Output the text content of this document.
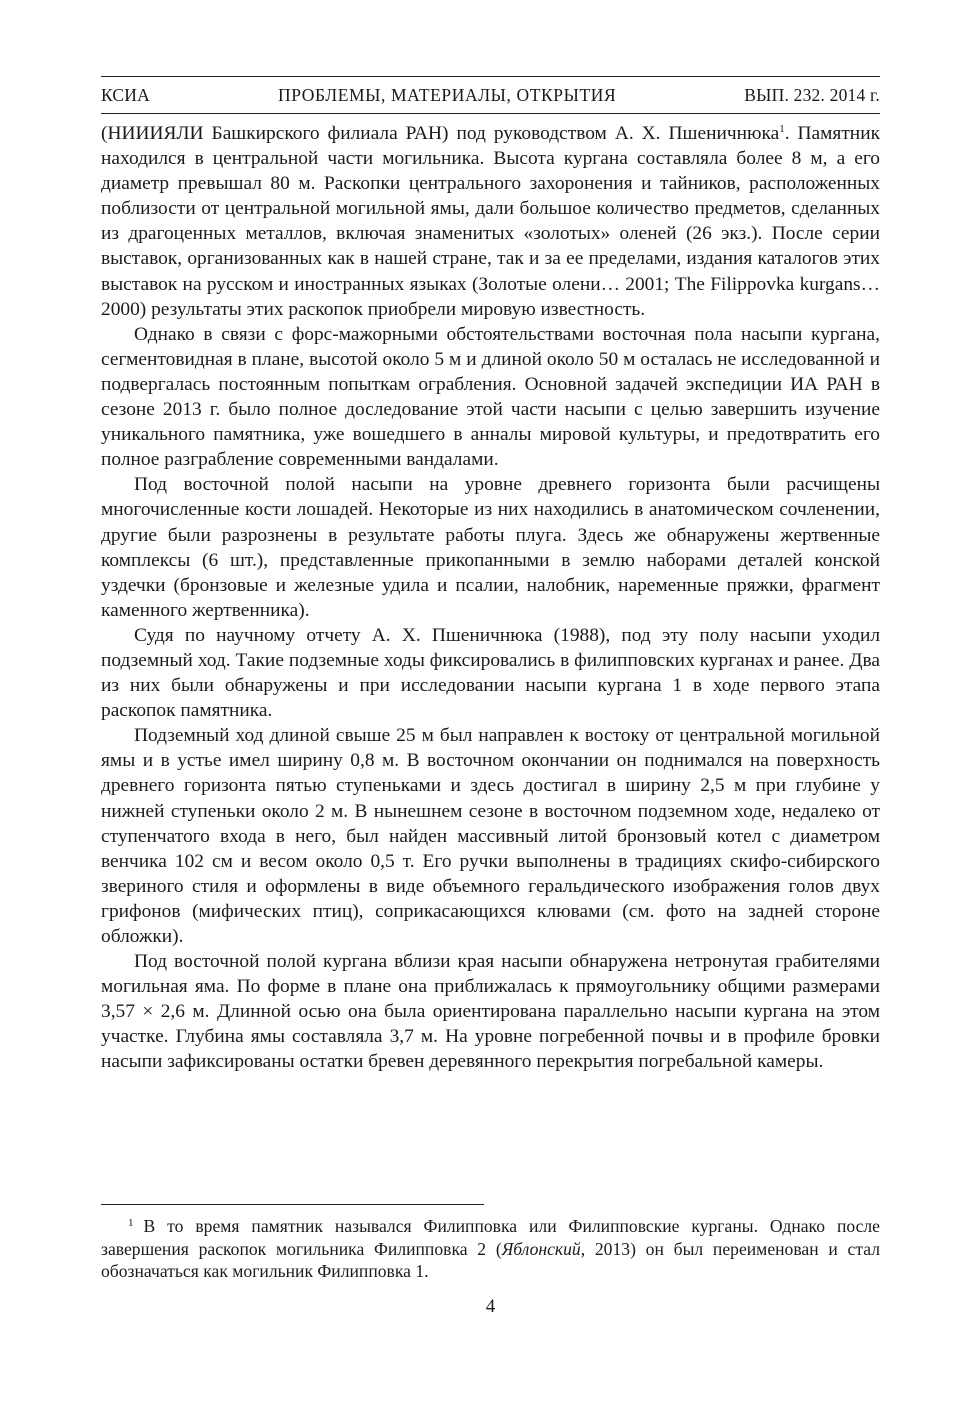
КСИА	ПРОБЛЕМЫ, МАТЕРИАЛЫ, ОТКРЫТИЯ	ВЫП. 232. 2014 г.

(НИИИЯЛИ Башкирского филиала РАН) под руководством А. Х. Пшеничнюка$^1$. Памятник находился в центральной части могильника. Высота кургана составляла более 8 м, а его диаметр превышал 80 м. Раскопки центрального захоронения и тайников, расположенных поблизости от центральной могильной ямы, дали большое количество предметов, сделанных из драгоценных металлов, включая знаменитых «золотых» оленей (26 экз.). После серии выставок, организованных как в нашей стране, так и за ее пределами, издания каталогов этих выставок на русском и иностранных языках (Золотые олени… 2001; The Filippovka kurgans… 2000) результаты этих раскопок приобрели мировую известность.

Однако в связи с форс-мажорными обстоятельствами восточная пола насыпи кургана, сегментовидная в плане, высотой около 5 м и длиной около 50 м осталась не исследованной и подвергалась постоянным попыткам ограбления. Основной задачей экспедиции ИА РАН в сезоне 2013 г. было полное доследование этой части насыпи с целью завершить изучение уникального памятника, уже вошедшего в анналы мировой культуры, и предотвратить его полное разграбление современными вандалами.

Под восточной полой насыпи на уровне древнего горизонта были расчищены многочисленные кости лошадей. Некоторые из них находились в анатомическом сочленении, другие были разрознены в результате работы плуга. Здесь же обнаружены жертвенные комплексы (6 шт.), представленные прикопанными в землю наборами деталей конской уздечки (бронзовые и железные удила и псалии, налобник, наременные пряжки, фрагмент каменного жертвенника).

Судя по научному отчету А. Х. Пшеничнюка (1988), под эту полу насыпи уходил подземный ход. Такие подземные ходы фиксировались в филипповских курганах и ранее. Два из них были обнаружены и при исследовании насыпи кургана 1 в ходе первого этапа раскопок памятника.

Подземный ход длиной свыше 25 м был направлен к востоку от центральной могильной ямы и в устье имел ширину 0,8 м. В восточном окончании он поднимался на поверхность древнего горизонта пятью ступеньками и здесь достигал в ширину 2,5 м при глубине у нижней ступеньки около 2 м. В нынешнем сезоне в восточном подземном ходе, недалеко от ступенчатого входа в него, был найден массивный литой бронзовый котел с диаметром венчика 102 см и весом около 0,5 т. Его ручки выполнены в традициях скифо-сибирского звериного стиля и оформлены в виде объемного геральдического изображения голов двух грифонов (мифических птиц), соприкасающихся клювами (см. фото на задней стороне обложки).

Под восточной полой кургана вблизи края насыпи обнаружена нетронутая грабителями могильная яма. По форме в плане она приближалась к прямоугольнику общими размерами 3,57 × 2,6 м. Длинной осью она была ориентирована параллельно насыпи кургана на этом участке. Глубина ямы составляла 3,7 м. На уровне погребенной почвы и в профиле бровки насыпи зафиксированы остатки бревен деревянного перекрытия погребальной камеры.

$^1$ В то время памятник назывался Филипповка или Филипповские курганы. Однако после завершения раскопок могильника Филипповка 2 (Яблонский, 2013) он был переименован и стал обозначаться как могильник Филипповка 1.
4
